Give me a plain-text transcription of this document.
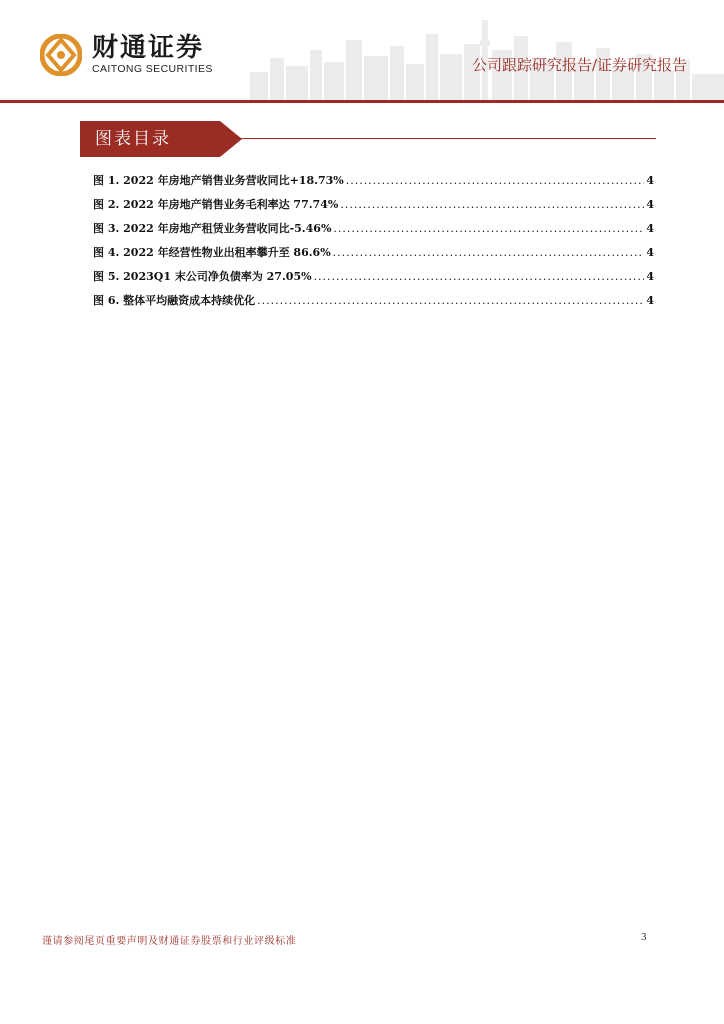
财通证券
CAITONG SECURITIES	公司跟踪研究报告/证券研究报告
图表目录
图 1. 2022 年房地产销售业务营收同比+18.73% .....	4
图 2. 2022 年房地产销售业务毛利率达 77.74% .....	4
图 3. 2022 年房地产租赁业务营收同比-5.46% .....	4
图 4. 2022 年经营性物业出租率攀升至 86.6% .....	4
图 5. 2023Q1 末公司净负债率为 27.05% .....	4
图 6. 整体平均融资成本持续优化 .....	4
谨请参阅尾页重要声明及财通证券股票和行业评级标准	3
